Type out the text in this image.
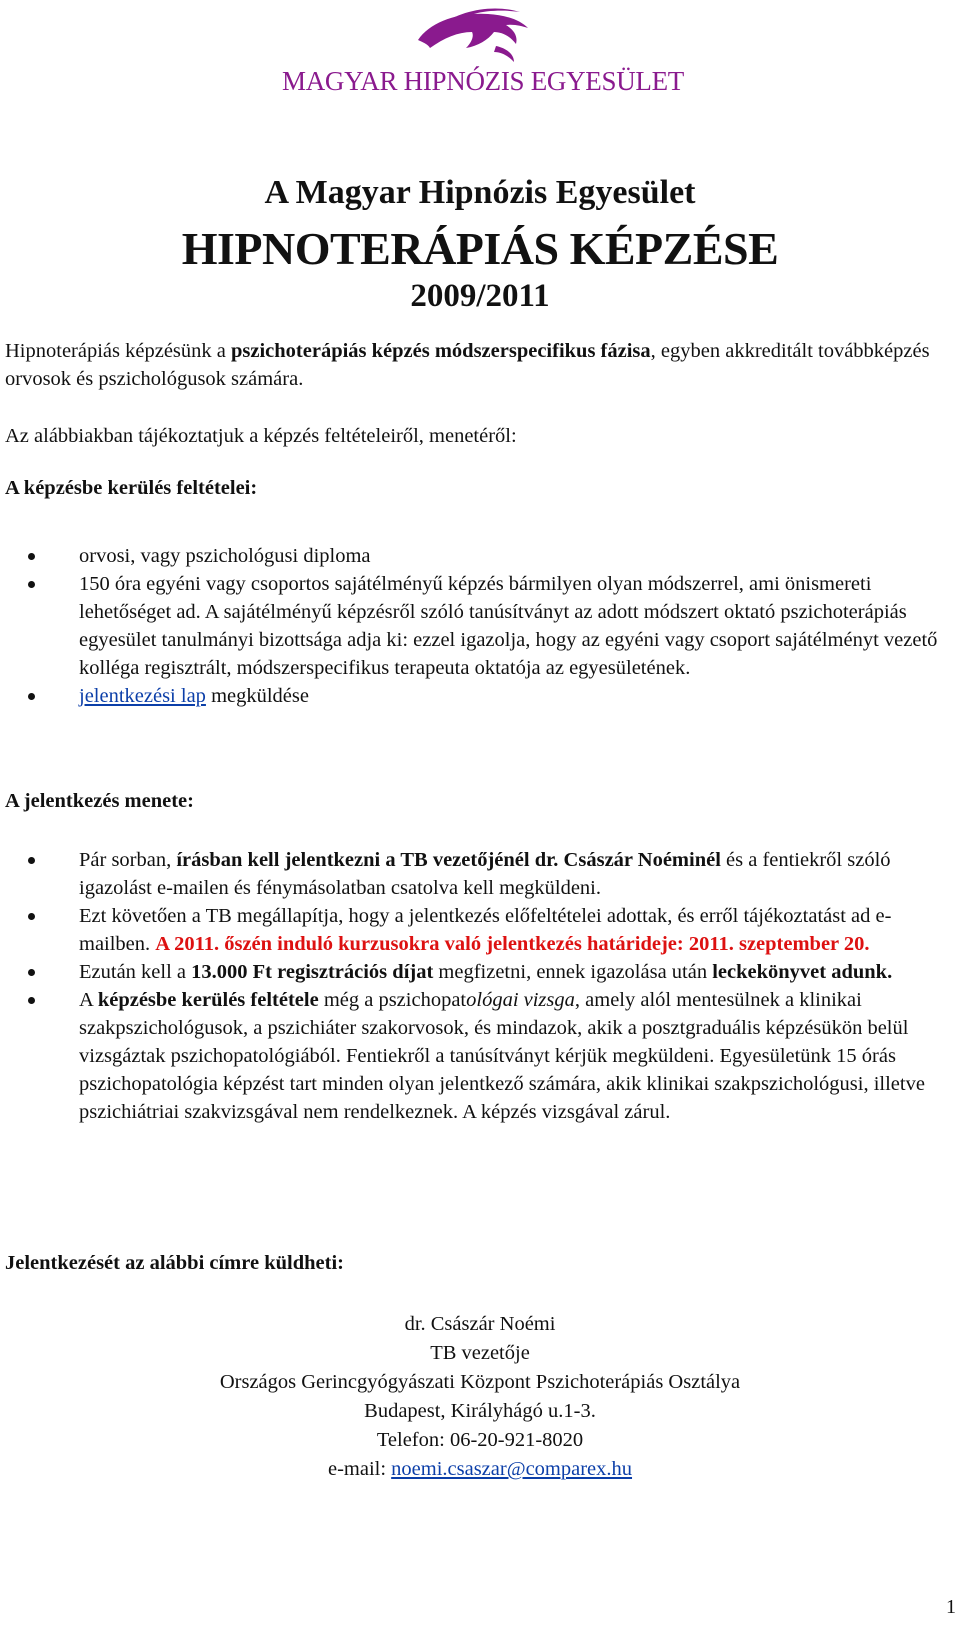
MAGYAR HIPNÓZIS EGYESÜLET
A Magyar Hipnózis Egyesület
HIPNOTERÁPIÁS KÉPZÉSE
2009/2011
Hipnoterápiás képzésünk a pszichoterápiás képzés módszerspecifikus fázisa, egyben akkreditált továbbképzés orvosok és pszichológusok számára.
Az alábbiakban tájékoztatjuk a képzés feltételeiről, menetéről:
A képzésbe kerülés feltételei:
orvosi, vagy pszichológusi diploma
150 óra egyéni vagy csoportos sajátélményű képzés bármilyen olyan módszerrel, ami önismereti lehetőséget ad. A sajátélményű képzésről szóló tanúsítványt az adott módszert oktató pszichoterápiás egyesület tanulmányi bizottsága adja ki: ezzel igazolja, hogy az egyéni vagy csoport sajátélményt vezető kolléga regisztrált, módszerspecifikus terapeuta oktatója az egyesületének.
jelentkezési lap megküldése
A jelentkezés menete:
Pár sorban, írásban kell jelentkezni a TB vezetőjénél dr. Császár Noéminél és a fentiekről szóló igazolást e-mailen és fénymásolatban csatolva kell megküldeni.
Ezt követően a TB megállapítja, hogy a jelentkezés előfeltételei adottak, és erről tájékoztatást ad e-mailben. A 2011. őszén induló kurzusokra való jelentkezés határideje: 2011. szeptember 20.
Ezután kell a 13.000 Ft regisztrációs díjat megfizetni, ennek igazolása után leckekönyvet adunk.
A képzésbe kerülés feltétele még a pszichopatológai vizsga, amely alól mentesülnek a klinikai szakpszichológusok, a pszichiáter szakorvosok, és mindazok, akik a posztgraduális képzésükön belül vizsgáztak pszichopatológiából. Fentiekről a tanúsítványt kérjük megküldeni. Egyesületünk 15 órás pszichopatológia képzést tart minden olyan jelentkező számára, akik klinikai szakpszichológusi, illetve pszichiátriai szakvizsgával nem rendelkeznek. A képzés vizsgával zárul.
Jelentkezését az alábbi címre küldheti:
dr. Császár Noémi
TB vezetője
Országos Gerincgyógyászati Központ Pszichoterápiás Osztálya
Budapest, Királyhágó u.1-3.
Telefon: 06-20-921-8020
e-mail: noemi.csaszar@comparex.hu
1
